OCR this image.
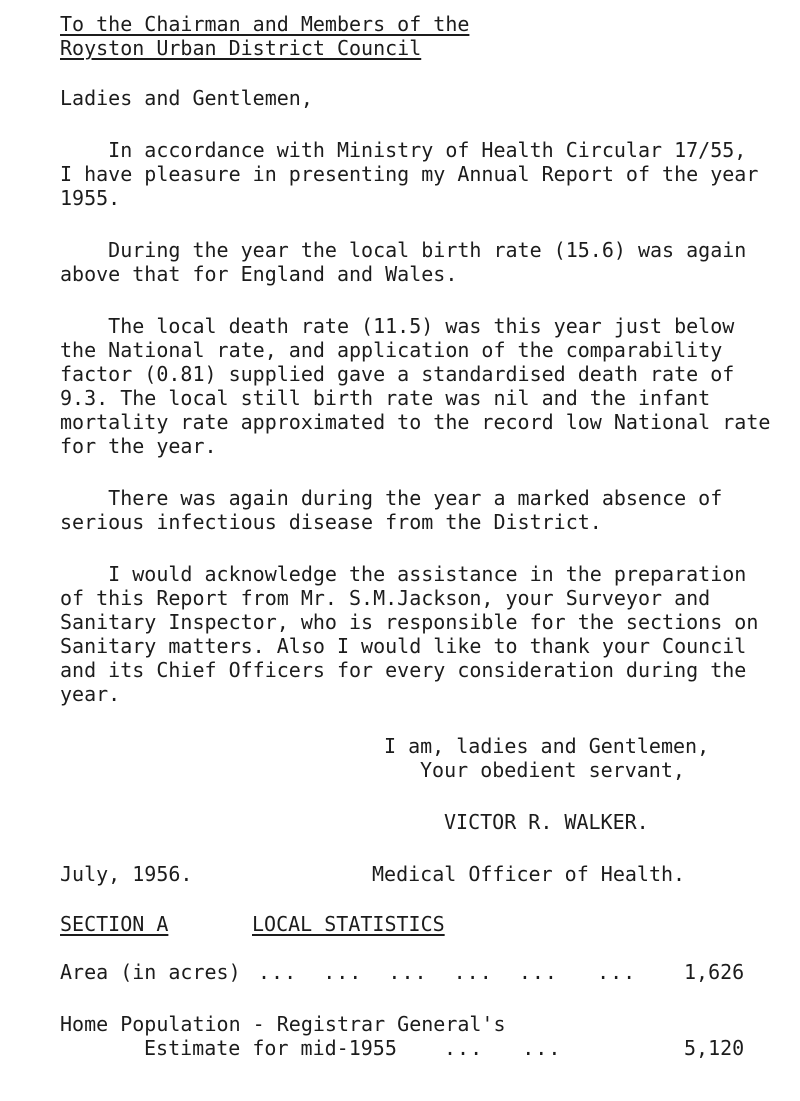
To the Chairman and Members of the
Royston Urban District Council
Ladies and Gentlemen,
In accordance with Ministry of Health Circular 17/55,
I have pleasure in presenting my Annual Report of the year
1955.
During the year the local birth rate (15.6) was again
above that for England and Wales.
The local death rate (11.5) was this year just below
the National rate, and application of the comparability
factor (0.81) supplied gave a standardised death rate of
9.3. The local still birth rate was nil and the infant
mortality rate approximated to the record low National rate
for the year.
There was again during the year a marked absence of
serious infectious disease from the District.
I would acknowledge the assistance in the preparation
of this Report from Mr. S.M.Jackson, your Surveyor and
Sanitary Inspector, who is responsible for the sections on
Sanitary matters. Also I would like to thank your Council
and its Chief Officers for every consideration during the
year.
I am, ladies and Gentlemen,
Your obedient servant,
VICTOR R. WALKER.
July, 1956.	Medical Officer of Health.
SECTION A	LOCAL STATISTICS
Area (in acres) ...  ...  ...  ...  ...   ... 1,626
Home Population - Registrar General's
Estimate for mid-1955 ...   ...	5,120
